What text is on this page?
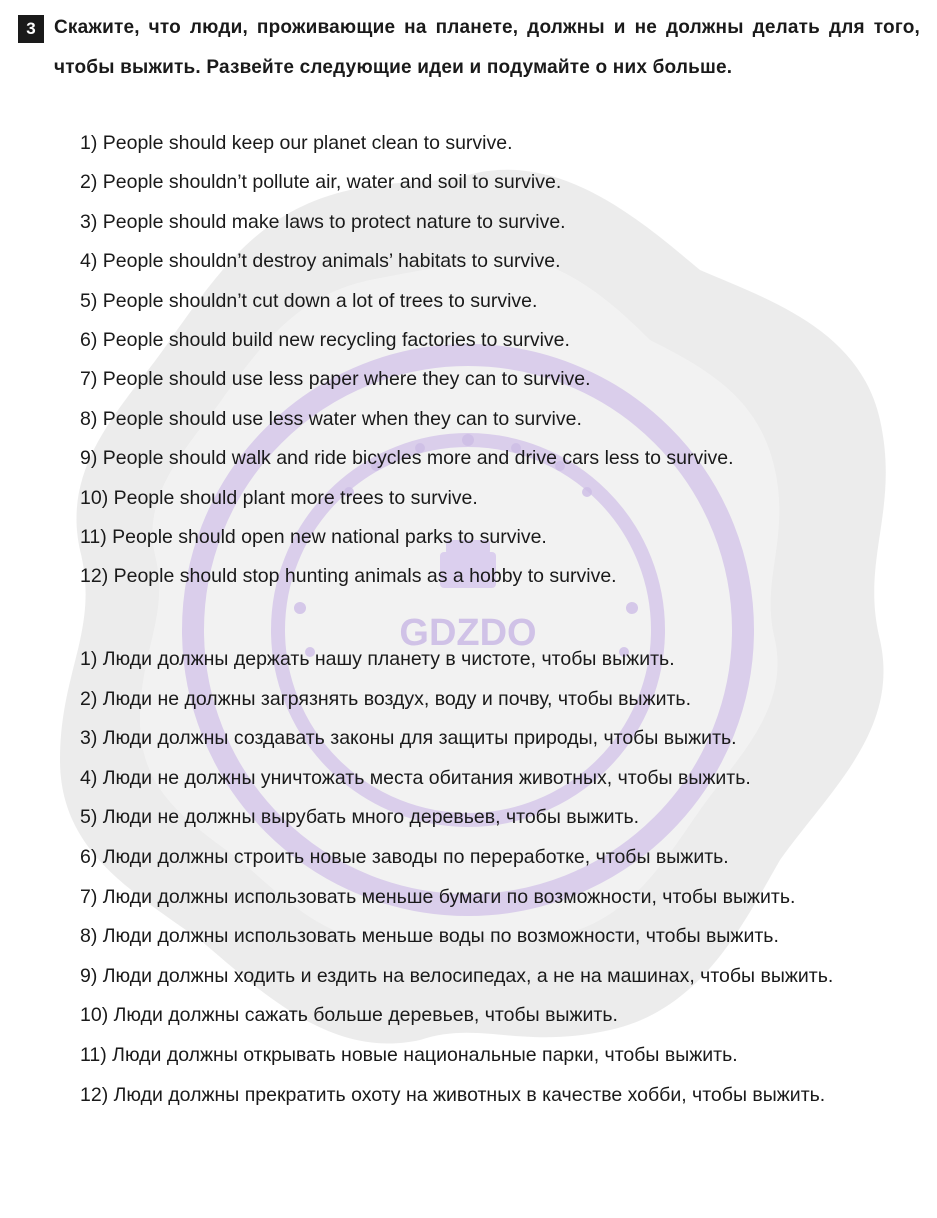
GDZDO
3 Скажите, что люди, проживающие на планете, должны и не должны делать для того, чтобы выжить. Развейте следующие идеи и подумайте о них больше.
1) People should keep our planet clean to survive.
2) People shouldn’t pollute air, water and soil to survive.
3) People should make laws to protect nature to survive.
4) People shouldn’t destroy animals’ habitats to survive.
5) People shouldn’t cut down a lot of trees to survive.
6) People should build new recycling factories to survive.
7) People should use less paper where they can to survive.
8) People should use less water when they can to survive.
9) People should walk and ride bicycles more and drive cars less to survive.
10) People should plant more trees to survive.
11) People should open new national parks to survive.
12) People should stop hunting animals as a hobby to survive.
1) Люди должны держать нашу планету в чистоте, чтобы выжить.
2) Люди не должны загрязнять воздух, воду и почву, чтобы выжить.
3) Люди должны создавать законы для защиты природы, чтобы выжить.
4) Люди не должны уничтожать места обитания животных, чтобы выжить.
5) Люди не должны вырубать много деревьев, чтобы выжить.
6) Люди должны строить новые заводы по переработке, чтобы выжить.
7) Люди должны использовать меньше бумаги по возможности, чтобы выжить.
8) Люди должны использовать меньше воды по возможности, чтобы выжить.
9) Люди должны ходить и ездить на велосипедах, а не на машинах, чтобы выжить.
10) Люди должны сажать больше деревьев, чтобы выжить.
11) Люди должны открывать новые национальные парки, чтобы выжить.
12) Люди должны прекратить охоту на животных в качестве хобби, чтобы выжить.
